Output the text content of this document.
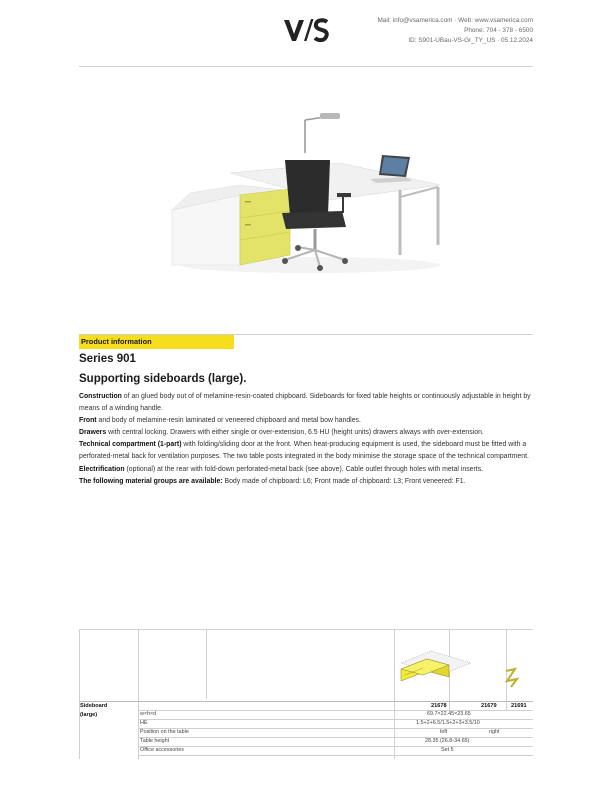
Mail: info@vsamerica.com · Web: www.vsamerica.com
Phone: 704 - 378 - 6500
ID: S901-UBau-VS-Gr_TY_US · 05.12.2024
Product information
Series 901
Supporting sideboards (large).

Construction of an glued body out of of melamine-resin-coated chipboard. Sideboards for fixed table heights or continuously adjustable in height by means of a winding handle.

Front and body of melamine-resin laminated or veneered chipboard and metal bow handles.

Drawers with central locking. Drawers with either single or over-extension, 6.5 HU (height units) drawers always with over-extension.

Technical compartment (1-part) with folding/sliding door at the front. When heat-producing equipment is used, the sideboard must be fitted with a perforated-metal back for ventilation purposes. The two table posts integrated in the body minimise the storage space of the technical compartment.

Electrification (optional) at the rear with fold-down perforated-metal back (see above). Cable outlet through holes with metal inserts.

The following material groups are available: Body made of chipboard: L6; Front made of chipboard: L3; Front veneered: F1.

Sideboard
(large)
21678	21679	21691
w×h×d	69.7×22.45×23.65
HE	1.5+2+6.5/1.5+2+3+3.5/10
Position on the table	left	right
Table height	28.35 (26.8-34.65)
Office accessories	Set 5
